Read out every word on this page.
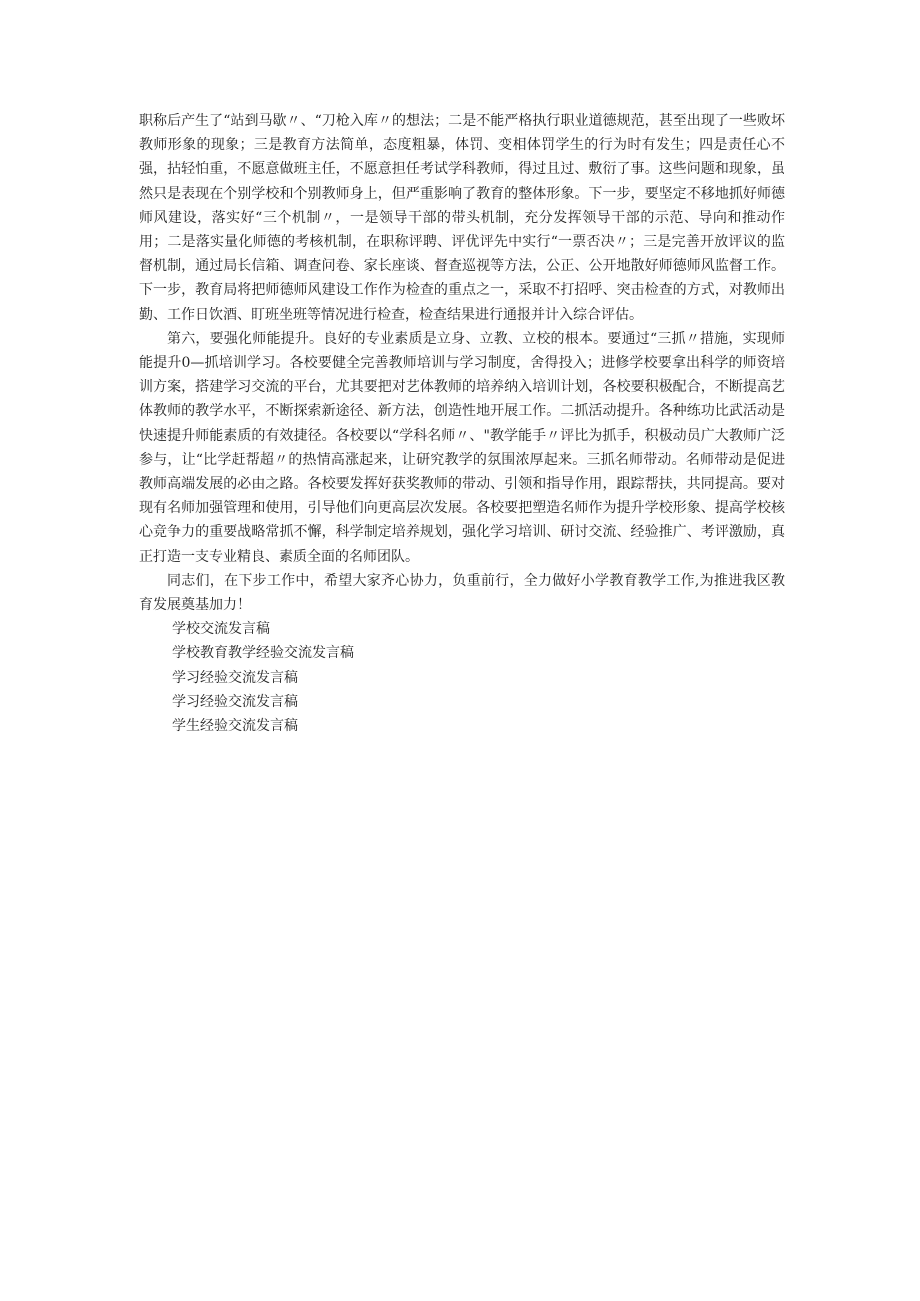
职称后产生了“站到马歇〃、“刀枪入库〃的想法；二是不能严格执行职业道德规范，甚至出现了一些败坏教师形象的现象；三是教育方法简单，态度粗暴，体罚、变相体罚学生的行为时有发生；四是责任心不强，拈轻怕重，不愿意做班主任，不愿意担任考试学科教师，得过且过、敷衍了事。这些问题和现象，虽然只是表现在个别学校和个别教师身上，但严重影响了教育的整体形象。下一步，要坚定不移地抓好师德师风建设，落实好“三个机制〃，一是领导干部的带头机制，充分发挥领导干部的示范、导向和推动作用；二是落实量化师德的考核机制，在职称评聘、评优评先中实行“一票否决〃；三是完善开放评议的监督机制，通过局长信箱、调查问卷、家长座谈、督查巡视等方法，公正、公开地散好师德师风监督工作。下一步，教育局将把师德师风建设工作作为检查的重点之一，采取不打招呼、突击检查的方式，对教师出勤、工作日饮酒、盯班坐班等情况进行检查，检查结果进行通报并计入综合评估。

第六，要强化师能提升。良好的专业素质是立身、立教、立校的根本。要通过“三抓〃措施，实现师能提升0—抓培训学习。各校要健全完善教师培训与学习制度，舍得投入；进修学校要拿出科学的师资培训方案，搭建学习交流的平台，尤其要把对艺体教师的培养纳入培训计划，各校要积极配合，不断提高艺体教师的教学水平，不断探索新途径、新方法，创造性地开展工作。二抓活动提升。各种练功比武活动是快速提升师能素质的有效捷径。各校要以“学科名师〃、"教学能手〃评比为抓手，积极动员广大教师广泛参与，让“比学赶帮超〃的热情高涨起来，让研究教学的氛围浓厚起来。三抓名师带动。名师带动是促进教师高端发展的必由之路。各校要发挥好获奖教师的带动、引领和指导作用，跟踪帮扶，共同提高。要对现有名师加强管理和使用，引导他们向更高层次发展。各校要把塑造名师作为提升学校形象、提高学校核心竞争力的重要战略常抓不懈，科学制定培养规划，强化学习培训、研讨交流、经验推广、考评激励，真正打造一支专业精良、素质全面的名师团队。

同志们，在下步工作中，希望大家齐心协力，负重前行，全力做好小学教育教学工作,为推进我区教育发展奠基加力！

学校交流发言稿
学校教育教学经验交流发言稿
学习经验交流发言稿
学习经验交流发言稿
学生经验交流发言稿
